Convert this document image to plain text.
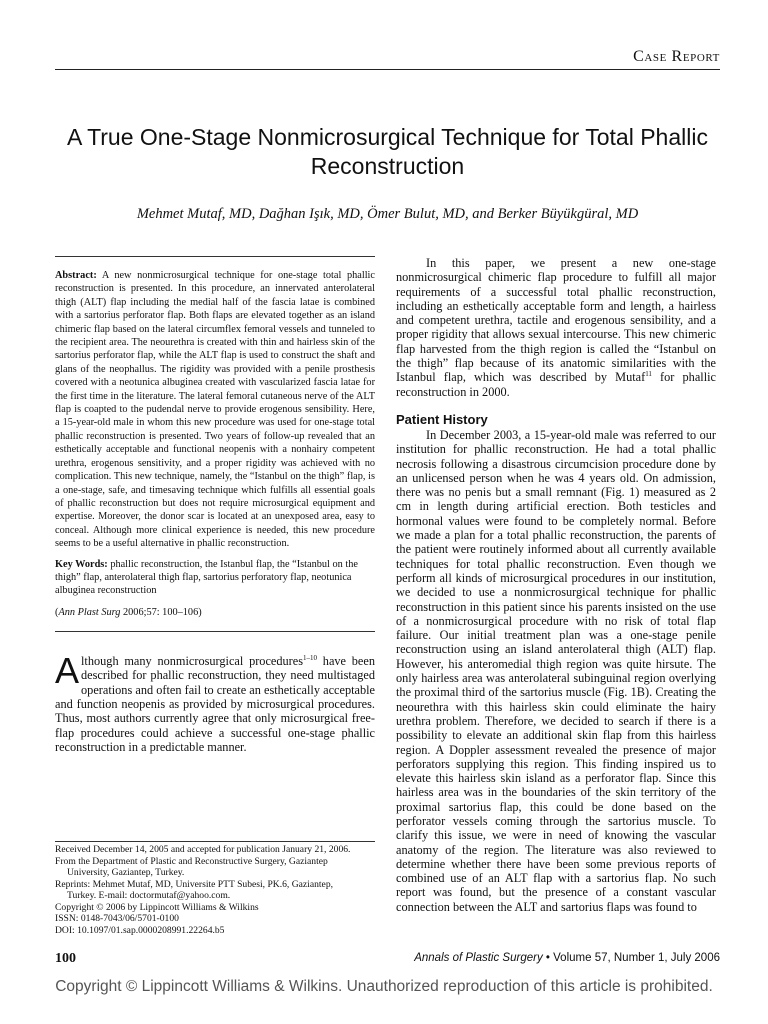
Case Report
A True One-Stage Nonmicrosurgical Technique for Total Phallic Reconstruction
Mehmet Mutaf, MD, Dağhan Işık, MD, Ömer Bulut, MD, and Berker Büyükgüral, MD

Abstract: A new nonmicrosurgical technique for one-stage total phallic reconstruction is presented. In this procedure, an innervated anterolateral thigh (ALT) flap including the medial half of the fascia latae is combined with a sartorius perforator flap. Both flaps are elevated together as an island chimeric flap based on the lateral circumflex femoral vessels and tunneled to the recipient area. The neourethra is created with thin and hairless skin of the sartorius perforator flap, while the ALT flap is used to construct the shaft and glans of the neophallus. The rigidity was provided with a penile prosthesis covered with a neotunica albuginea created with vascularized fascia latae for the first time in the literature. The lateral femoral cutaneous nerve of the ALT flap is coapted to the pudendal nerve to provide erogenous sensibility. Here, a 15-year-old male in whom this new procedure was used for one-stage total phallic reconstruction is presented. Two years of follow-up revealed that an esthetically acceptable and functional neopenis with a nonhairy competent urethra, erogenous sensitivity, and a proper rigidity was achieved with no complication. This new technique, namely, the “Istanbul on the thigh” flap, is a one-stage, safe, and timesaving technique which fulfills all essential goals of phallic reconstruction but does not require microsurgical equipment and expertise. Moreover, the donor scar is located at an unexposed area, easy to conceal. Although more clinical experience is needed, this new procedure seems to be a useful alternative in phallic reconstruction.

Key Words: phallic reconstruction, the Istanbul flap, the “Istanbul on the thigh” flap, anterolateral thigh flap, sartorius perforatory flap, neotunica albuginea reconstruction

(Ann Plast Surg 2006;57: 100–106)

Although many nonmicrosurgical procedures$^{1-10}$ have been described for phallic reconstruction, they need multistaged operations and often fail to create an esthetically acceptable and function neopenis as provided by microsurgical procedures. Thus, most authors currently agree that only microsurgical free-flap procedures could achieve a successful one-stage phallic reconstruction in a predictable manner.

Received December 14, 2005 and accepted for publication January 21, 2006.

From the Department of Plastic and Reconstructive Surgery, Gaziantep

University, Gaziantep, Turkey.

Reprints: Mehmet Mutaf, MD, Universite PTT Subesi, PK.6, Gaziantep,

Turkey. E-mail: doctormutaf@yahoo.com.

Copyright © 2006 by Lippincott Williams & Wilkins

ISSN: 0148-7043/06/5701-0100

DOI: 10.1097/01.sap.0000208991.22264.b5

In this paper, we present a new one-stage nonmicrosurgical chimeric flap procedure to fulfill all major requirements of a successful total phallic reconstruction, including an esthetically acceptable form and length, a hairless and competent urethra, tactile and erogenous sensibility, and a proper rigidity that allows sexual intercourse. This new chimeric flap harvested from the thigh region is called the “Istanbul on the thigh” flap because of its anatomic similarities with the Istanbul flap, which was described by Mutaf$^{11}$ for phallic reconstruction in 2000.

Patient History

In December 2003, a 15-year-old male was referred to our institution for phallic reconstruction. He had a total phallic necrosis following a disastrous circumcision procedure done by an unlicensed person when he was 4 years old. On admission, there was no penis but a small remnant (Fig. 1) measured as 2 cm in length during artificial erection. Both testicles and hormonal values were found to be completely normal. Before we made a plan for a total phallic reconstruction, the parents of the patient were routinely informed about all currently available techniques for total phallic reconstruction. Even though we perform all kinds of microsurgical procedures in our institution, we decided to use a nonmicrosurgical technique for phallic reconstruction in this patient since his parents insisted on the use of a nonmicrosurgical procedure with no risk of total flap failure. Our initial treatment plan was a one-stage penile reconstruction using an island anterolateral thigh (ALT) flap. However, his anteromedial thigh region was quite hirsute. The only hairless area was anterolateral subinguinal region overlying the proximal third of the sartorius muscle (Fig. 1B). Creating the neourethra with this hairless skin could eliminate the hairy urethra problem. Therefore, we decided to search if there is a possibility to elevate an additional skin flap from this hairless region. A Doppler assessment revealed the presence of major perforators supplying this region. This finding inspired us to elevate this hairless skin island as a perforator flap. Since this hairless area was in the boundaries of the skin territory of the proximal sartorius flap, this could be done based on the perforator vessels coming through the sartorius muscle. To clarify this issue, we were in need of knowing the vascular anatomy of the region. The literature was also reviewed to determine whether there have been some previous reports of combined use of an ALT flap with a sartorius flap. No such report was found, but the presence of a constant vascular connection between the ALT and sartorius flaps was found to

100	Annals of Plastic Surgery • Volume 57, Number 1, July 2006
Copyright © Lippincott Williams & Wilkins. Unauthorized reproduction of this article is prohibited.
